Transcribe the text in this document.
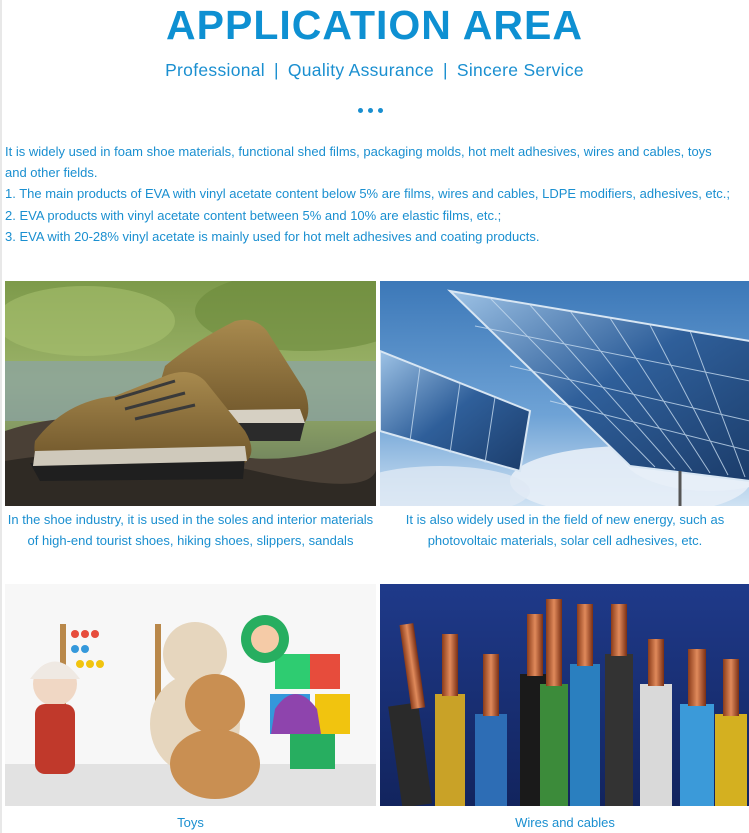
APPLICATION AREA
Professional | Quality Assurance | Sincere Service

It is widely used in foam shoe materials, functional shed films, packaging molds, hot melt adhesives, wires and cables, toys and other fields.

1. The main products of EVA with vinyl acetate content below 5% are films, wires and cables, LDPE modifiers, adhesives, etc.;

2. EVA products with vinyl acetate content between 5% and 10% are elastic films, etc.;

3. EVA with 20-28% vinyl acetate is mainly used for hot melt adhesives and coating products.

In the shoe industry, it is used in the soles and interior materials of high-end tourist shoes, hiking shoes, slippers, sandals
It is also widely used in the field of new energy, such as photovoltaic materials, solar cell adhesives, etc.
Toys	Wires and cables
